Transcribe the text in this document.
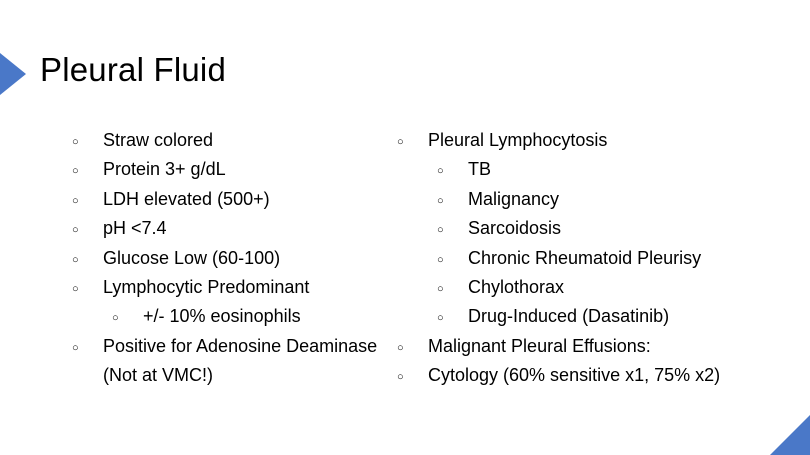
Pleural Fluid
○ Straw colored
○ Protein 3+ g/dL
○ LDH elevated (500+)
○ pH <7.4
○ Glucose Low (60-100)
○ Lymphocytic Predominant
○ +/- 10% eosinophils
○ Positive for Adenosine Deaminase (Not at VMC!)
○ Pleural Lymphocytosis
○ TB
○ Malignancy
○ Sarcoidosis
○ Chronic Rheumatoid Pleurisy
○ Chylothorax
○ Drug-Induced (Dasatinib)
○ Malignant Pleural Effusions:
○ Cytology (60% sensitive x1, 75% x2)
